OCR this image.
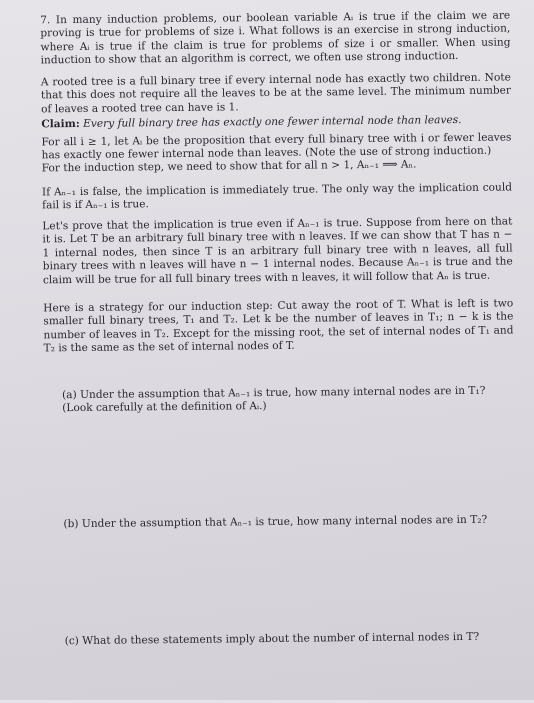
7. In many induction problems, our boolean variable Aᵢ is true if the claim we are proving is true for problems of size i. What follows is an exercise in strong induction, where Aᵢ is true if the claim is true for problems of size i or smaller. When using induction to show that an algorithm is correct, we often use strong induction.

A rooted tree is a full binary tree if every internal node has exactly two children. Note that this does not require all the leaves to be at the same level. The minimum number of leaves a rooted tree can have is 1.

Claim: Every full binary tree has exactly one fewer internal node than leaves.

For all i ≥ 1, let Aᵢ be the proposition that every full binary tree with i or fewer leaves has exactly one fewer internal node than leaves. (Note the use of strong induction.)

For the induction step, we need to show that for all n > 1, Aₙ₋₁ ⟹ Aₙ.

If Aₙ₋₁ is false, the implication is immediately true. The only way the implication could fail is if Aₙ₋₁ is true.

Let's prove that the implication is true even if Aₙ₋₁ is true. Suppose from here on that it is. Let T be an arbitrary full binary tree with n leaves. If we can show that T has n − 1 internal nodes, then since T is an arbitrary full binary tree with n leaves, all full binary trees with n leaves will have n − 1 internal nodes. Because Aₙ₋₁ is true and the claim will be true for all full binary trees with n leaves, it will follow that Aₙ is true.

Here is a strategy for our induction step: Cut away the root of T. What is left is two smaller full binary trees, T₁ and T₂. Let k be the number of leaves in T₁; n − k is the number of leaves in T₂. Except for the missing root, the set of internal nodes of T₁ and T₂ is the same as the set of internal nodes of T.

(a) Under the assumption that Aₙ₋₁ is true, how many internal nodes are in T₁? (Look carefully at the definition of Aᵢ.)

(b) Under the assumption that Aₙ₋₁ is true, how many internal nodes are in T₂?

(c) What do these statements imply about the number of internal nodes in T?
